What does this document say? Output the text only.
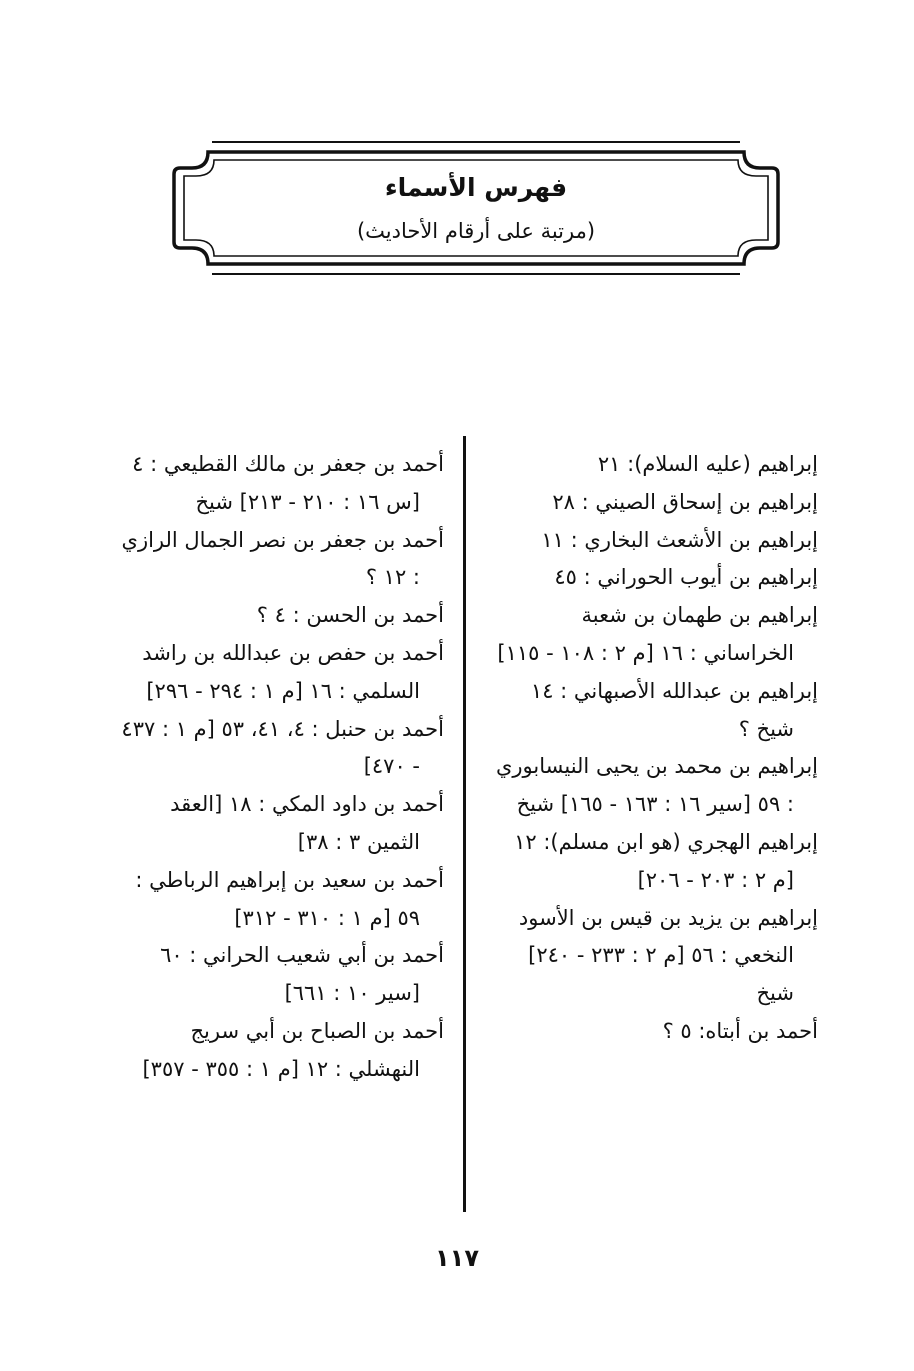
فهرس الأسماء
(مرتبة على أرقام الأحاديث)

إبراهيم (عليه السلام): ٢١

إبراهيم بن إسحاق الصيني : ٢٨

إبراهيم بن الأشعث البخاري : ١١

إبراهيم بن أيوب الحوراني : ٤٥

إبراهيم بن طهمان بن شعبة الخراساني : ١٦ [م ٢ : ١٠٨ - ١١٥]

إبراهيم بن عبدالله الأصبهاني : ١٤ شيخ ؟

إبراهيم بن محمد بن يحيى النيسابوري : ٥٩ [سير ١٦ : ١٦٣ - ١٦٥] شيخ

إبراهيم الهجري (هو ابن مسلم): ١٢ [م ٢ : ٢٠٣ - ٢٠٦]

إبراهيم بن يزيد بن قيس بن الأسود النخعي : ٥٦ [م ٢ : ٢٣٣ - ٢٤٠] شيخ

أحمد بن أبتاه: ٥ ؟

أحمد بن جعفر بن مالك القطيعي : ٤ [س ١٦ : ٢١٠ - ٢١٣] شيخ

أحمد بن جعفر بن نصر الجمال الرازي : ١٢ ؟

أحمد بن الحسن : ٤ ؟

أحمد بن حفص بن عبدالله بن راشد السلمي : ١٦ [م ١ : ٢٩٤ - ٢٩٦]

أحمد بن حنبل : ٤، ٤١، ٥٣ [م ١ : ٤٣٧ - ٤٧٠]

أحمد بن داود المكي : ١٨ [العقد الثمين ٣ : ٣٨]

أحمد بن سعيد بن إبراهيم الرباطي : ٥٩ [م ١ : ٣١٠ - ٣١٢]

أحمد بن أبي شعيب الحراني : ٦٠ [سير ١٠ : ٦٦١]

أحمد بن الصباح بن أبي سريج النهشلي : ١٢ [م ١ : ٣٥٥ - ٣٥٧]

١١٧
